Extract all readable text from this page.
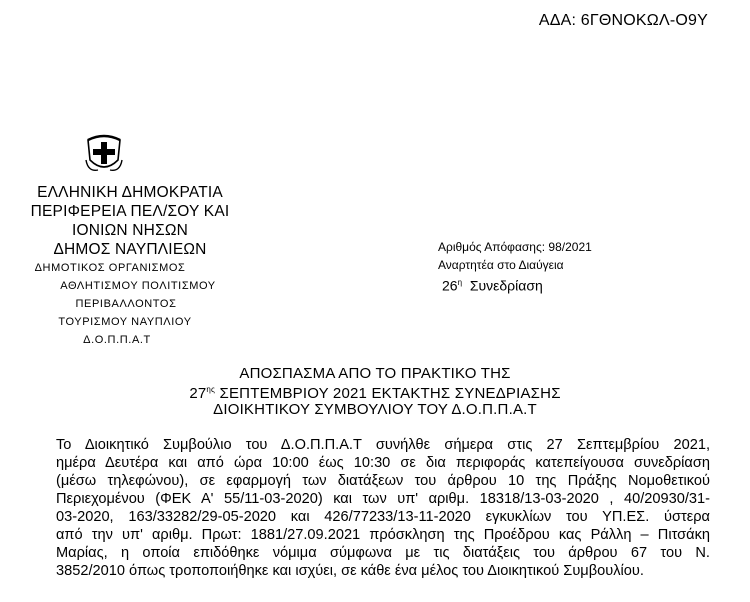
ΑΔΑ: 6ΓΘΝΟΚΩΛ-Ο9Υ
ΕΛΛΗΝΙΚΗ ΔΗΜΟΚΡΑΤΙΑ
ΠΕΡΙΦΕΡΕΙΑ ΠΕΛ/ΣΟΥ ΚΑΙ
ΙΟΝΙΩΝ ΝΗΣΩΝ
ΔΗΜΟΣ ΝΑΥΠΛΙΕΩΝ
ΔΗΜΟΤΙΚΟΣ ΟΡΓΑΝΙΣΜΟΣ
ΑΘΛΗΤΙΣΜΟΥ ΠΟΛΙΤΙΣΜΟΥ
ΠΕΡΙΒΑΛΛΟΝΤΟΣ
ΤΟΥΡΙΣΜΟΥ ΝΑΥΠΛΙΟΥ
Δ.Ο.Π.Π.Α.Τ
Αριθμός Απόφασης: 98/2021
Αναρτητέα στο Διαύγεια
$26^\eta$ Συνεδρίαση
ΑΠΟΣΠΑΣΜΑ ΑΠΟ ΤΟ ΠΡΑΚΤΙΚΟ ΤΗΣ
$27^{\eta\varsigma}$ ΣΕΠΤΕΜΒΡΙΟΥ 2021 ΕΚΤΑΚΤΗΣ ΣΥΝΕΔΡΙΑΣΗΣ
ΔΙΟΙΚΗΤΙΚΟΥ ΣΥΜΒΟΥΛΙΟΥ ΤΟΥ Δ.Ο.Π.Π.Α.Τ
Το Διοικητικό Συμβούλιο του Δ.Ο.Π.Π.Α.Τ συνήλθε σήμερα στις 27 Σεπτεμβρίου 2021,
ημέρα Δευτέρα και από ώρα 10:00 έως 10:30 σε δια περιφοράς κατεπείγουσα συνεδρίαση
(μέσω τηλεφώνου), σε εφαρμογή των διατάξεων του άρθρου 10 της Πράξης Νομοθετικού
Περιεχομένου (ΦΕΚ Α' 55/11-03-2020) και των υπ' αριθμ. 18318/13-03-2020 , 40/20930/31-
03-2020, 163/33282/29-05-2020 και 426/77233/13-11-2020 εγκυκλίων του ΥΠ.ΕΣ. ύστερα
από την υπ' αριθμ. Πρωτ: 1881/27.09.2021 πρόσκληση της Προέδρου κας Ράλλη – Πιτσάκη
Μαρίας, η οποία επιδόθηκε νόμιμα σύμφωνα με τις διατάξεις του άρθρου 67 του Ν.
3852/2010 όπως τροποποιήθηκε και ισχύει, σε κάθε ένα μέλος του Διοικητικού Συμβουλίου.
